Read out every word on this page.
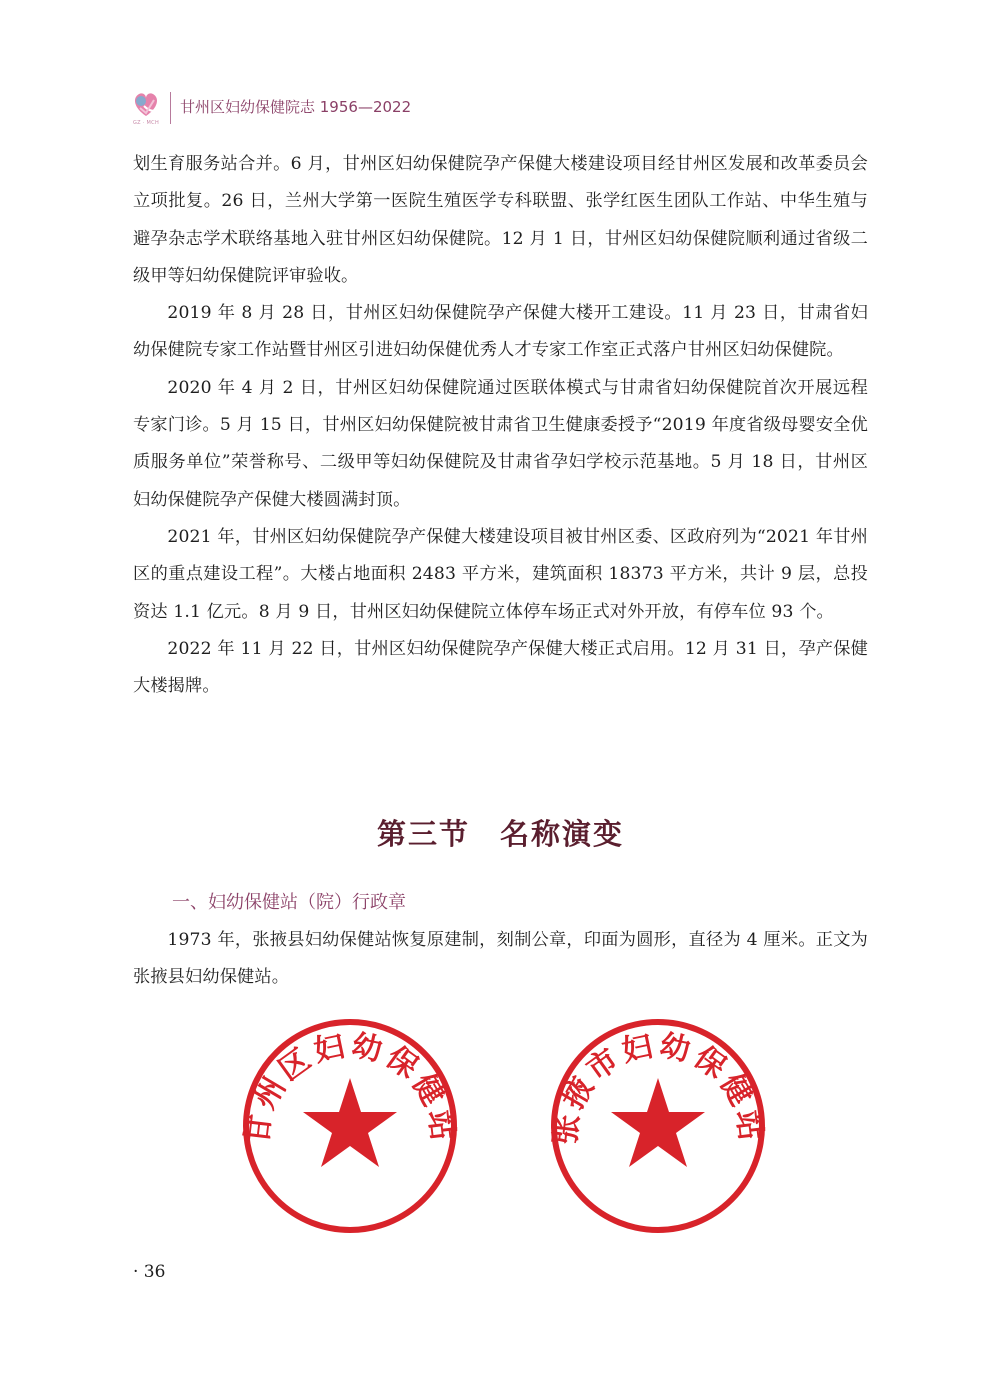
GZ · MCH
甘州区妇幼保健院志 1956—2022

划生育服务站合并。6 月，甘州区妇幼保健院孕产保健大楼建设项目经甘州区发展和改革委员会立项批复。26 日，兰州大学第一医院生殖医学专科联盟、张学红医生团队工作站、中华生殖与避孕杂志学术联络基地入驻甘州区妇幼保健院。12 月 1 日，甘州区妇幼保健院顺利通过省级二级甲等妇幼保健院评审验收。

2019 年 8 月 28 日，甘州区妇幼保健院孕产保健大楼开工建设。11 月 23 日，甘肃省妇幼保健院专家工作站暨甘州区引进妇幼保健优秀人才专家工作室正式落户甘州区妇幼保健院。

2020 年 4 月 2 日，甘州区妇幼保健院通过医联体模式与甘肃省妇幼保健院首次开展远程专家门诊。5 月 15 日，甘州区妇幼保健院被甘肃省卫生健康委授予“2019 年度省级母婴安全优质服务单位”荣誉称号、二级甲等妇幼保健院及甘肃省孕妇学校示范基地。5 月 18 日，甘州区妇幼保健院孕产保健大楼圆满封顶。

2021 年，甘州区妇幼保健院孕产保健大楼建设项目被甘州区委、区政府列为“2021 年甘州区的重点建设工程”。大楼占地面积 2483 平方米，建筑面积 18373 平方米，共计 9 层，总投资达 1.1 亿元。8 月 9 日，甘州区妇幼保健院立体停车场正式对外开放，有停车位 93 个。

2022 年 11 月 22 日，甘州区妇幼保健院孕产保健大楼正式启用。12 月 31 日，孕产保健大楼揭牌。

第三节 名称演变
一、妇幼保健站（院）行政章

1973 年，张掖县妇幼保健站恢复原建制，刻制公章，印面为圆形，直径为 4 厘米。正文为张掖县妇幼保健站。

甘州区妇幼保健站	张掖市妇幼保健站
· 36
